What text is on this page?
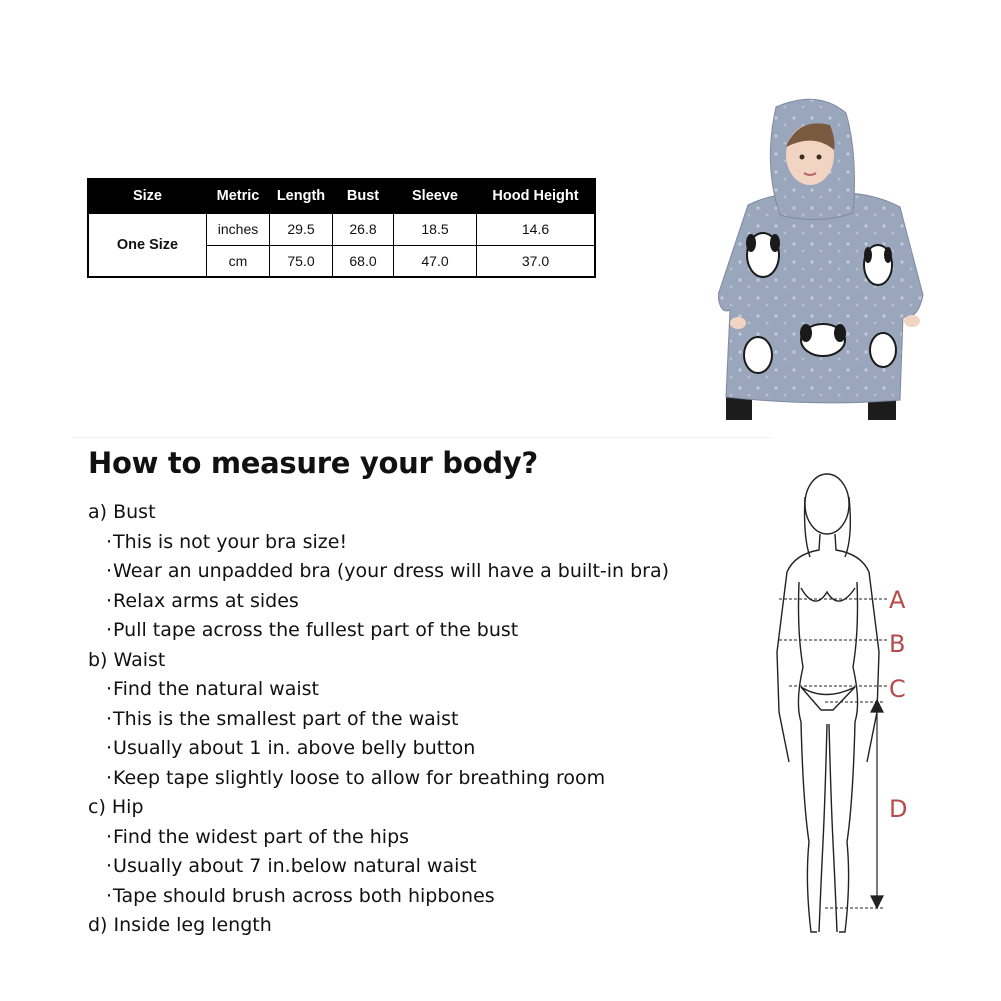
Size	Metric	Length	Bust	Sleeve	Hood Height
One Size	inches	29.5	26.8	18.5	14.6
	cm	75.0	68.0	47.0	37.0
How to measure your body?
a) Bust
· This is not your bra size!
· Wear an unpadded bra (your dress will have a built-in bra)
· Relax arms at sides
· Pull tape across the fullest part of the bust
b) Waist
· Find the natural waist
· This is the smallest part of the waist
· Usually about 1 in. above belly button
· Keep tape slightly loose to allow for breathing room
c) Hip
· Find the widest part of the hips
· Usually about 7 in.below natural waist
· Tape should brush across both hipbones
d) Inside leg length
A
B
C
D
